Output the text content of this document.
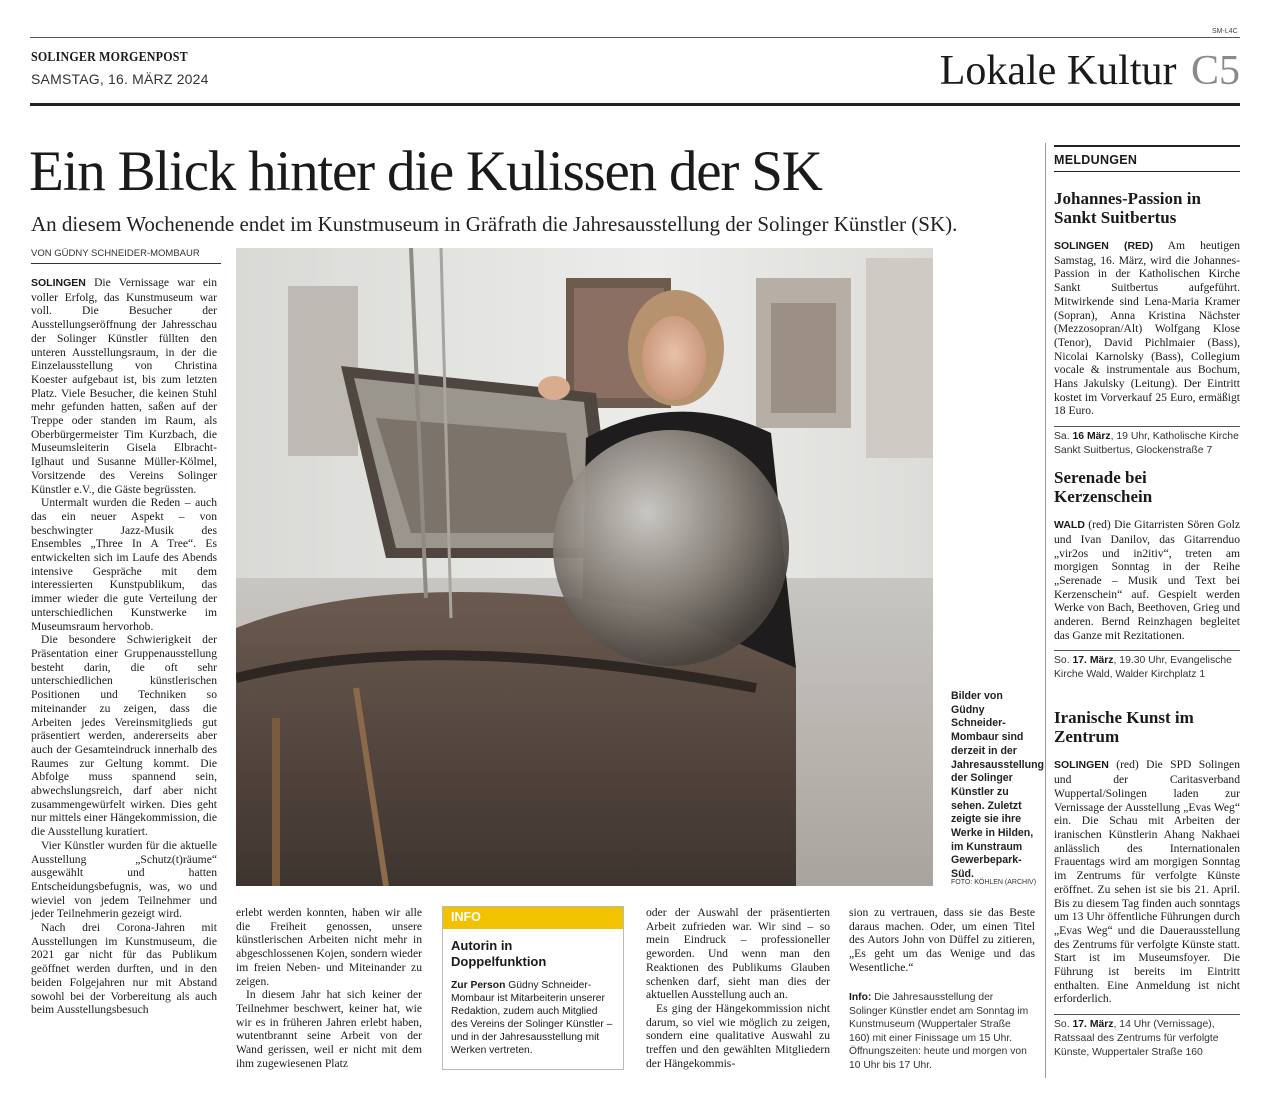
SM-L4C
SOLINGER MORGENPOST
SAMSTAG, 16. MÄRZ 2024	Lokale Kultur C5
Ein Blick hinter die Kulissen der SK
An diesem Wochenende endet im Kunstmuseum in Gräfrath die Jahresausstellung der Solinger Künstler (SK).
VON GÜDNY SCHNEIDER-MOMBAUR

SOLINGEN Die Vernissage war ein voller Erfolg, das Kunstmuseum war voll. Die Besucher der Ausstellungseröffnung der Jahresschau der Solinger Künstler füllten den unteren Ausstellungsraum, in der die Einzelausstellung von Christina Koester aufgebaut ist, bis zum letzten Platz. Viele Besucher, die keinen Stuhl mehr gefunden hatten, saßen auf der Treppe oder standen im Raum, als Oberbürgermeister Tim Kurzbach, die Museumsleiterin Gisela Elbracht-Iglhaut und Susanne Müller-Kölmel, Vorsitzende des Vereins Solinger Künstler e.V., die Gäste begrüssten.

Untermalt wurden die Reden – auch das ein neuer Aspekt – von beschwingter Jazz-Musik des Ensembles „Three In A Tree“. Es entwickelten sich im Laufe des Abends intensive Gespräche mit dem interessierten Kunstpublikum, das immer wieder die gute Verteilung der unterschiedlichen Kunstwerke im Museumsraum hervorhob.

Die besondere Schwierigkeit der Präsentation einer Gruppenausstellung besteht darin, die oft sehr unterschiedlichen künstlerischen Positionen und Techniken so miteinander zu zeigen, dass die Arbeiten jedes Vereinsmitglieds gut präsentiert werden, andererseits aber auch der Gesamteindruck innerhalb des Raumes zur Geltung kommt. Die Abfolge muss spannend sein, abwechslungsreich, darf aber nicht zusammengewürfelt wirken. Dies geht nur mittels einer Hängekommission, die die Ausstellung kuratiert.

Vier Künstler wurden für die aktuelle Ausstellung „Schutz(t)räume“ ausgewählt und hatten Entscheidungsbefugnis, was, wo und wieviel von jedem Teilnehmer und jeder Teilnehmerin gezeigt wird.

Nach drei Corona-Jahren mit Ausstellungen im Kunstmuseum, die 2021 gar nicht für das Publikum geöffnet werden durften, und in den beiden Folgejahren nur mit Abstand sowohl bei der Vorbereitung als auch beim Ausstellungsbesuch

Bilder von Güdny Schneider-Mombaur sind derzeit in der Jahresausstellung der Solinger Künstler zu sehen. Zuletzt zeigte sie ihre Werke in Hilden, im Kunstraum Gewerbepark-Süd.
FOTO: KÖHLEN (ARCHIV)

erlebt werden konnten, haben wir alle die Freiheit genossen, unsere künstlerischen Arbeiten nicht mehr in abgeschlossenen Kojen, sondern wieder im freien Neben- und Miteinander zu zeigen.

In diesem Jahr hat sich keiner der Teilnehmer beschwert, keiner hat, wie wir es in früheren Jahren erlebt haben, wutentbrannt seine Arbeit von der Wand gerissen, weil er nicht mit dem ihm zugewiesenen Platz

INFO
Autorin in Doppelfunktion
Zur Person Güdny Schneider-Mombaur ist Mitarbeiterin unserer Redaktion, zudem auch Mitglied des Vereins der Solinger Künstler – und in der Jahresausstellung mit Werken vertreten.

oder der Auswahl der präsentierten Arbeit zufrieden war. Wir sind – so mein Eindruck – professioneller geworden. Und wenn man den Reaktionen des Publikums Glauben schenken darf, sieht man dies der aktuellen Ausstellung auch an.

Es ging der Hängekommission nicht darum, so viel wie möglich zu zeigen, sondern eine qualitative Auswahl zu treffen und den gewählten Mitgliedern der Hängekommis-

sion zu vertrauen, dass sie das Beste daraus machen. Oder, um einen Titel des Autors John von Düffel zu zitieren, „Es geht um das Wenige und das Wesentliche.“

Info: Die Jahresausstellung der Solinger Künstler endet am Sonntag im Kunstmuseum (Wuppertaler Straße 160) mit einer Finissage um 15 Uhr. Öffnungszeiten: heute und morgen von 10 Uhr bis 17 Uhr.
MELDUNGEN
Johannes-Passion in Sankt Suitbertus

SOLINGEN (RED) Am heutigen Samstag, 16. März, wird die Johannes-Passion in der Katholischen Kirche Sankt Suitbertus aufgeführt. Mitwirkende sind Lena-Maria Kramer (Sopran), Anna Kristina Nächster (Mezzosopran/Alt) Wolfgang Klose (Tenor), David Pichlmaier (Bass), Nicolai Karnolsky (Bass), Collegium vocale & instrumentale aus Bochum, Hans Jakulsky (Leitung). Der Eintritt kostet im Vorverkauf 25 Euro, ermäßigt 18 Euro.

Sa. 16 März, 19 Uhr, Katholische Kirche Sankt Suitbertus, Glockenstraße 7
Serenade bei Kerzenschein

WALD (red) Die Gitarristen Sören Golz und Ivan Danilov, das Gitarrenduo „vir2os und in2itiv“, treten am morgigen Sonntag in der Reihe „Serenade – Musik und Text bei Kerzenschein“ auf. Gespielt werden Werke von Bach, Beethoven, Grieg und anderen. Bernd Reinzhagen begleitet das Ganze mit Rezitationen.

So. 17. März, 19.30 Uhr, Evangelische Kirche Wald, Walder Kirchplatz 1
Iranische Kunst im Zentrum

SOLINGEN (red) Die SPD Solingen und der Caritasverband Wuppertal/Solingen laden zur Vernissage der Ausstellung „Evas Weg“ ein. Die Schau mit Arbeiten der iranischen Künstlerin Ahang Nakhaei anlässlich des Internationalen Frauentags wird am morgigen Sonntag im Zentrums für verfolgte Künste eröffnet. Zu sehen ist sie bis 21. April. Bis zu diesem Tag finden auch sonntags um 13 Uhr öffentliche Führungen durch „Evas Weg“ und die Dauerausstellung des Zentrums für verfolgte Künste statt. Start ist im Museumsfoyer. Die Führung ist bereits im Eintritt enthalten. Eine Anmeldung ist nicht erforderlich.

So. 17. März, 14 Uhr (Vernissage), Ratssaal des Zentrums für verfolgte Künste, Wuppertaler Straße 160
